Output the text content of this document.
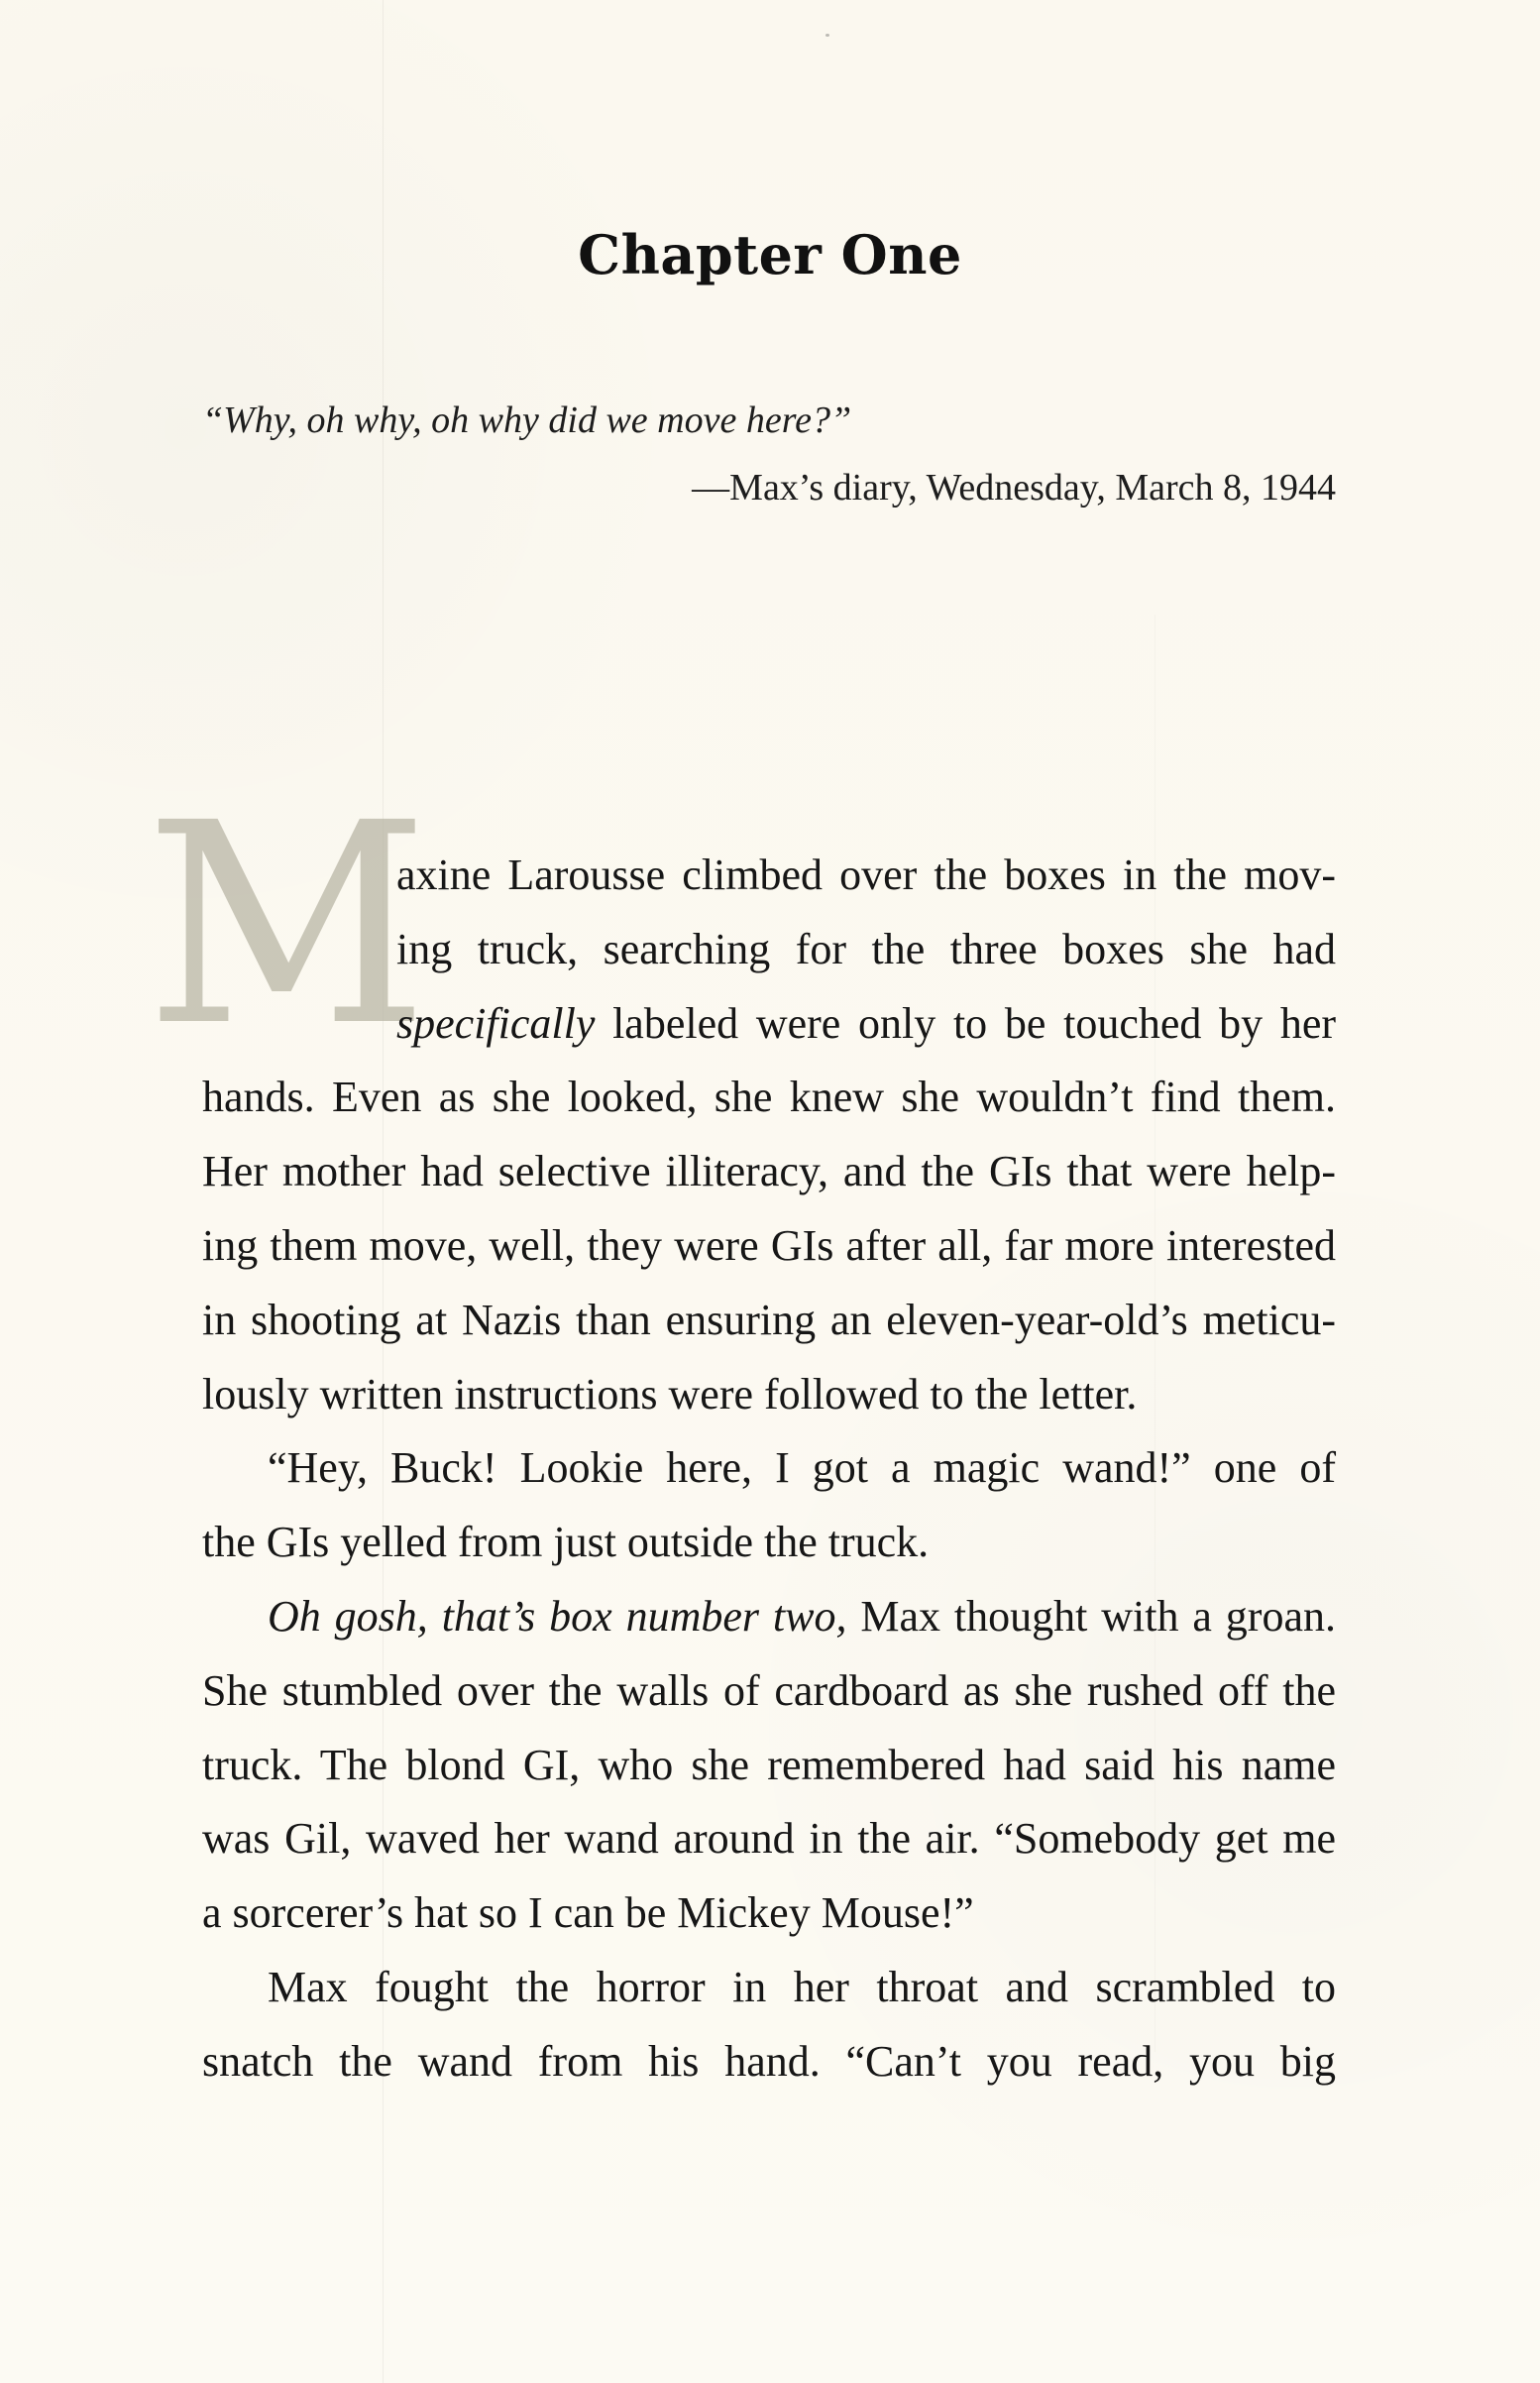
Chapter One
“Why, oh why, oh why did we move here?”
—Max’s diary, Wednesday, March 8, 1944
M
axine Larousse climbed over the boxes in the mov-
ing truck, searching for the three boxes she had
specifically labeled were only to be touched by her
hands. Even as she looked, she knew she wouldn’t find them.
Her mother had selective illiteracy, and the GIs that were help-
ing them move, well, they were GIs after all, far more interested
in shooting at Nazis than ensuring an eleven-year-old’s meticu-
lously written instructions were followed to the letter.
“Hey, Buck! Lookie here, I got a magic wand!” one of
the GIs yelled from just outside the truck.
Oh gosh, that’s box number two, Max thought with a groan.
She stumbled over the walls of cardboard as she rushed off the
truck. The blond GI, who she remembered had said his name
was Gil, waved her wand around in the air. “Somebody get me
a sorcerer’s hat so I can be Mickey Mouse!”
Max fought the horror in her throat and scrambled to
snatch the wand from his hand. “Can’t you read, you big
